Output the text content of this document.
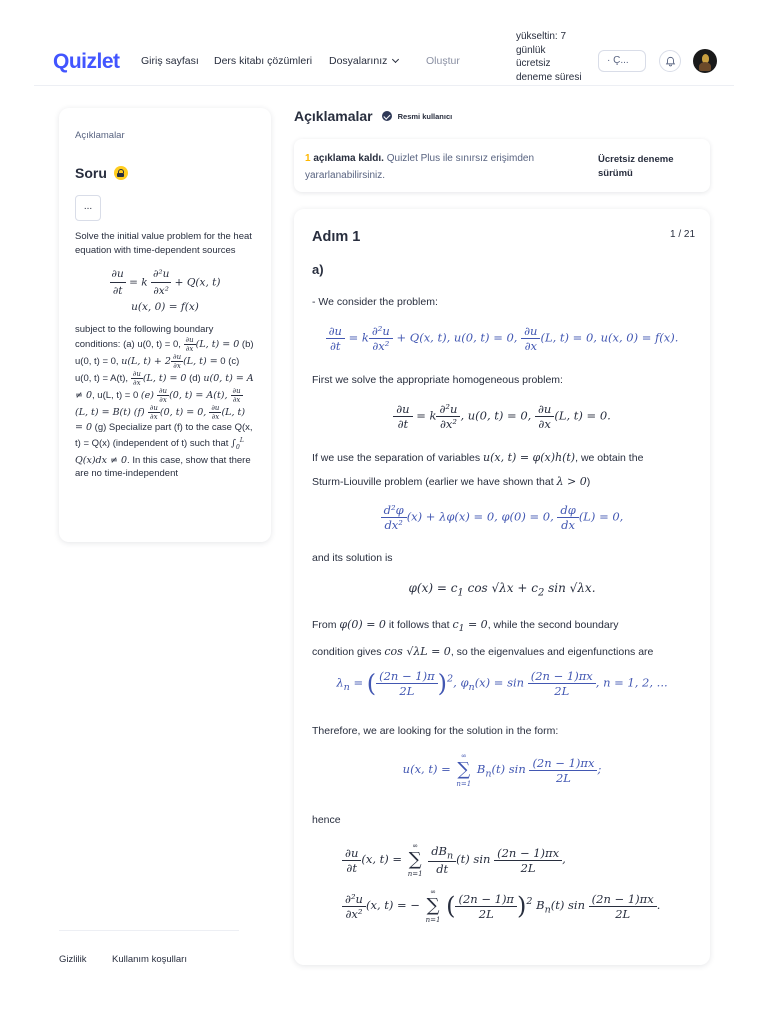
Quizlet Giriş sayfası Ders kitabı çözümleri Dosyalarınız	Oluştur
yükseltin: 7 günlük ücretsiz deneme süresi
· Ç...
Açıklamalar
Soru
...
Solve the initial value problem for the heat equation with time-dependent sources
$\frac{\partial u}{\partial t} = k \frac{\text{∂²u}}{\text{∂x²}} + Q(x$, t)
u(x, 0) = f(x)
subject to the following boundary conditions: (a) u(0, t) = 0, $\frac{\partial u}{\partial x} (L$, t) = 0 (b) u(0, t) = 0, u(L, $t) + 2 \frac{\partial u}{\partial x} (L$, t) = 0 (c) u(0, t) = A(t), $\frac{\partial u}{\partial x} (L$, t) = 0 (d) u(0, t) = A ≠ 0, u(L, t) = 0 $(e) \frac{\partial u}{\partial x} (0$, t) = A(t), $\frac{\partial u}{\partial x}$
(L, t) = B(t) $(f) \frac{\partial u}{\partial x} (0$, t) = 0, $\frac{\partial u}{\partial x} (L$, t) = 0 (g) Specialize part (f) to the case Q(x, t) = Q(x) (independent of t) such that $\int_0^L$ Q(x)dx ≠ 0. In this case, show that there are no time-independent
Gizlilik	Kullanım koşulları
Açıklamalar	Resmi kullanıcı
1 açıklama kaldı. Quizlet Plus ile sınırsız erişimden yararlanabilirsiniz.
Ücretsiz deneme sürümü
Adım 1	1 / 21
a)
- We consider the problem:
$\frac{\partial u}{\partial t} = k \frac{\text{∂²u}}{\text{∂x²}} + Q(x$, t), u(0, t) = 0, $\frac{\partial u}{\partial x} (L$, t) = 0, u(x, 0) = f(x).
First we solve the appropriate homogeneous problem:
$\frac{\partial u}{\partial t} = k \frac{\text{∂²u}}{\text{∂x²}}$ , u(0, t) = 0, $\frac{\partial u}{\partial x} (L$, t) = 0.
If we use the separation of variables u(x, t) = φ(x)h(t), we obtain the
Sturm-Liouville problem (earlier we have shown that λ > 0)
$\frac{\text{d²φ}}{\text{dx²}} (x) + \lambda\varphi(x) = 0$, φ(0) = 0, $\frac{d\varphi}{dx} (L) = 0$,
and its solution is
$\varphi(x) = c_1$ $\cos √\lambda x + c_2$ sin √λx.
From φ(0) = 0 it follows that $c_1 = 0$, while the second boundary
condition gives cos √λL = 0, so the eigenvalues and eigenfunctions are
$\lambda_n$ = ( $\frac{(2n - 1)\pi}{2L} )^2$, $\varphi_n(x) = \sin \frac{(2n - 1)\pi x}{2L}$ , n = 1, 2, ...
Therefore, we are looking for the solution in the form:
u(x, t) =
∞
∑
n=1
$B_n(t)$ $\sin \frac{(2n - 1)\pi x}{2L}$ ;
hence
$\frac{\partial u}{\partial t} (x$, t) =
∞
∑
n=1
$\frac{dB_n}{dt} (t)$ $\sin \frac{(2n - 1)\pi x}{2L}$ ,
$\frac{\text{∂²u}}{\text{∂x²}} (x$, t) = −
∞
∑
n=1 ( $\frac{(2n - 1)\pi}{2L} )^2$ $B_n(t)$ $\sin \frac{(2n - 1)\pi x}{2L}$ .
